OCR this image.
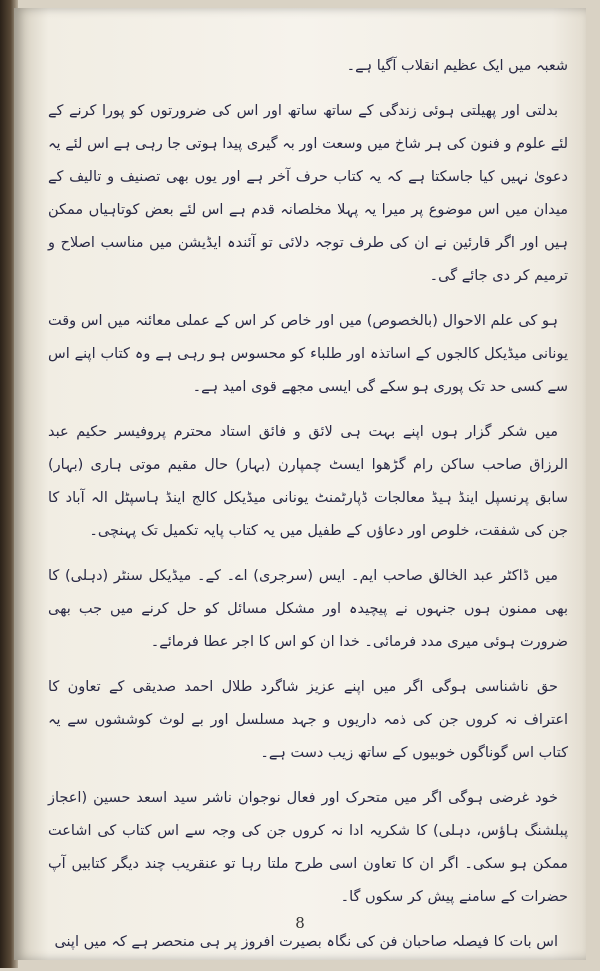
شعبہ میں ایک عظیم انقلاب آگیا ہے۔

بدلتی اور پھیلتی ہوئی زندگی کے ساتھ ساتھ اور اس کی ضرورتوں کو پورا کرنے کے لئے علوم و فنون کی ہر شاخ میں وسعت اور بہ گیری پیدا ہوتی جا رہی ہے اس لئے یہ دعویٰ نہیں کیا جاسکتا ہے کہ یہ کتاب حرف آخر ہے اور یوں بھی تصنیف و تالیف کے میدان میں اس موضوع پر میرا یہ پہلا مخلصانہ قدم ہے اس لئے بعض کوتاہیاں ممکن ہیں اور اگر قارئین نے ان کی طرف توجہ دلائی تو آئندہ ایڈیشن میں مناسب اصلاح و ترمیم کر دی جائے گی۔

ہو کی علم الاحوال (بالخصوص) میں اور خاص کر اس کے عملی معائنہ میں اس وقت یونانی میڈیکل کالجوں کے اساتذہ اور طلباء کو محسوس ہو رہی ہے وہ کتاب اپنے اس سے کسی حد تک پوری ہو سکے گی ایسی مجھے قوی امید ہے۔

میں شکر گزار ہوں اپنے بہت ہی لائق و فائق استاد محترم پروفیسر حکیم عبد الرزاق صاحب ساکن رام گڑھوا ایسٹ چمپارن (بہار) حال مقیم موتی ہاری (بہار) سابق پرنسپل اینڈ ہیڈ معالجات ڈپارٹمنٹ یونانی میڈیکل کالج اینڈ ہاسپٹل الہ آباد کا جن کی شفقت، خلوص اور دعاؤں کے طفیل میں یہ کتاب پایہ تکمیل تک پہنچی۔

میں ڈاکٹر عبد الخالق صاحب ایم۔ ایس (سرجری) اے۔ کے۔ میڈیکل سنٹر (دہلی) کا بھی ممنون ہوں جنہوں نے پیچیدہ اور مشکل مسائل کو حل کرنے میں جب بھی ضرورت ہوئی میری مدد فرمائی۔ خدا ان کو اس کا اجر عطا فرمائے۔

حق ناشناسی ہوگی اگر میں اپنے عزیز شاگرد طلال احمد صدیقی کے تعاون کا اعتراف نہ کروں جن کی ذمہ داریوں و جہد مسلسل اور بے لوث کوششوں سے یہ کتاب اس گوناگوں خوبیوں کے ساتھ زیب دست ہے۔

خود غرضی ہوگی اگر میں متحرک اور فعال نوجوان ناشر سید اسعد حسین (اعجاز پبلشنگ ہاؤس، دہلی) کا شکریہ ادا نہ کروں جن کی وجہ سے اس کتاب کی اشاعت ممکن ہو سکی۔ اگر ان کا تعاون اسی طرح ملتا رہا تو عنقریب چند دیگر کتابیں آپ حضرات کے سامنے پیش کر سکوں گا۔

اس بات کا فیصلہ صاحبان فن کی نگاہ بصیرت افروز پر ہی منحصر ہے کہ میں اپنی

8
